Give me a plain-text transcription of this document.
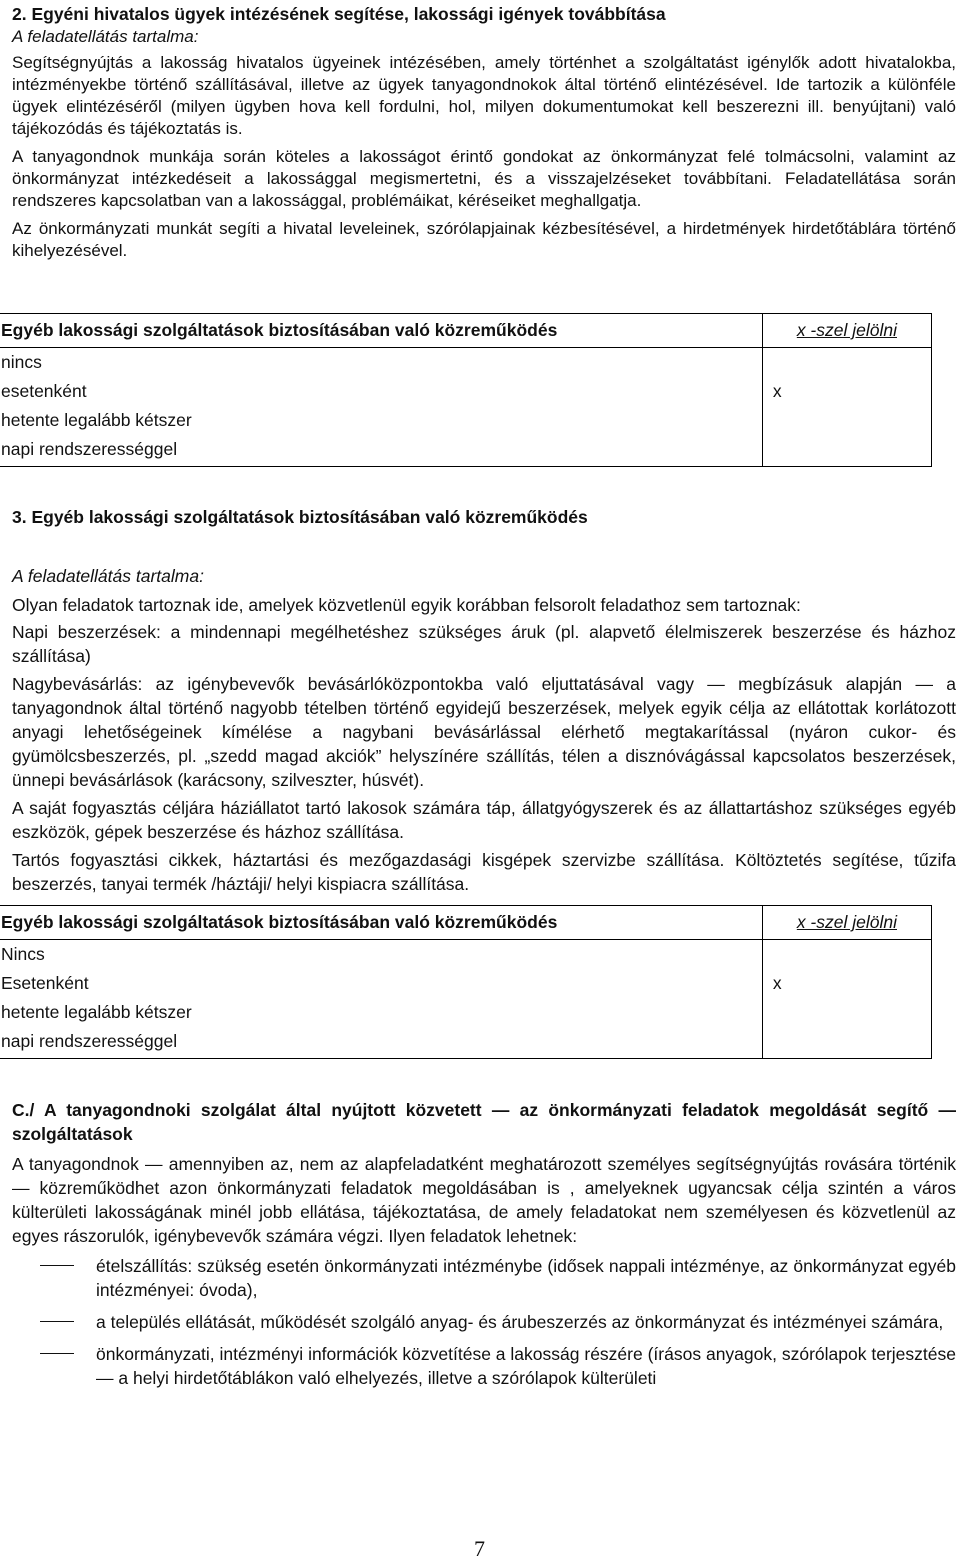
2. Egyéni hivatalos ügyek intézésének segítése, lakossági igények továbbítása
A feladatellátás tartalma:

Segítségnyújtás a lakosság hivatalos ügyeinek intézésében, amely történhet a szolgáltatást igénylők adott hivatalokba, intézményekbe történő szállításával, illetve az ügyek tanyagondnokok által történő elintézésével. Ide tartozik a különféle ügyek elintézéséről (milyen ügyben hova kell fordulni, hol, milyen dokumentumokat kell beszerezni ill. benyújtani) való tájékozódás és tájékoztatás is.

A tanyagondnok munkája során köteles a lakosságot érintő gondokat az önkormányzat felé tolmácsolni, valamint az önkormányzat intézkedéseit a lakossággal megismertetni, és a visszajelzéseket továbbítani. Feladatellátása során rendszeres kapcsolatban van a lakossággal, problémáikat, kéréseiket meghallgatja.

Az önkormányzati munkát segíti a hivatal leveleinek, szórólapjainak kézbesítésével, a hirdetmények hirdetőtáblára történő kihelyezésével.

Egyéb lakossági szolgáltatások biztosításában való közreműködés	x -szel jelölni
nincs	
esetenként	x
hetente legalább kétszer	
napi rendszerességgel	
3. Egyéb lakossági szolgáltatások biztosításában való közreműködés
A feladatellátás tartalma:

Olyan feladatok tartoznak ide, amelyek közvetlenül egyik korábban felsorolt feladathoz sem tartoznak:

Napi beszerzések: a mindennapi megélhetéshez szükséges áruk (pl. alapvető élelmiszerek beszerzése és házhoz szállítása)

Nagybevásárlás: az igénybevevők bevásárlóközpontokba való eljuttatásával vagy — megbízásuk alapján — a tanyagondnok által történő nagyobb tételben történő egyidejű beszerzések, melyek egyik célja az ellátottak korlátozott anyagi lehetőségeinek kímélése a nagybani bevásárlással elérhető megtakarítással (nyáron cukor- és gyümölcsbeszerzés, pl. „szedd magad akciók” helyszínére szállítás, télen a disznóvágással kapcsolatos beszerzések, ünnepi bevásárlások (karácsony, szilveszter, húsvét).

A saját fogyasztás céljára háziállatot tartó lakosok számára táp, állatgyógyszerek és az állattartáshoz szükséges egyéb eszközök, gépek beszerzése és házhoz szállítása.

Tartós fogyasztási cikkek, háztartási és mezőgazdasági kisgépek szervizbe szállítása. Költöztetés segítése, tűzifa beszerzés, tanyai termék /háztáji/ helyi kispiacra szállítása.

Egyéb lakossági szolgáltatások biztosításában való közreműködés	x -szel jelölni
Nincs	
Esetenként	x
hetente legalább kétszer	
napi rendszerességgel	
C./ A tanyagondnoki szolgálat által nyújtott közvetett — az önkormányzati feladatok megoldását segítő — szolgáltatások

A tanyagondnok — amennyiben az, nem az alapfeladatként meghatározott személyes segítségnyújtás rovására történik — közreműködhet azon önkormányzati feladatok megoldásában is , amelyeknek ugyancsak célja szintén a város külterületi lakosságának minél jobb ellátása, tájékoztatása, de amely feladatokat nem személyesen és közvetlenül az egyes rászorulók, igénybevevők számára végzi. Ilyen feladatok lehetnek:

ételszállítás: szükség esetén önkormányzati intézménybe (idősek nappali intézménye, az önkormányzat egyéb intézményei: óvoda),
a település ellátását, működését szolgáló anyag- és árubeszerzés az önkormányzat és intézményei számára,
önkormányzati, intézményi információk közvetítése a lakosság részére (írásos anyagok, szórólapok terjesztése — a helyi hirdetőtáblákon való elhelyezés, illetve a szórólapok külterületi
7
